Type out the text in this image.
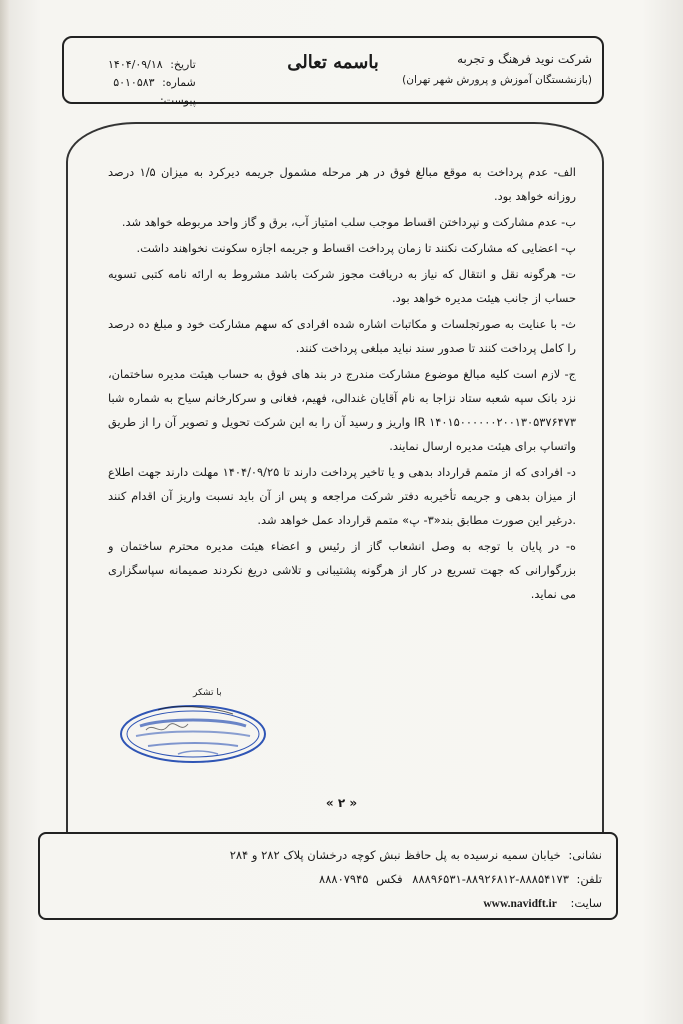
شرکت نوید فرهنگ و تجربه
(بازنشستگان آموزش و پرورش شهر تهران)
باسمه تعالی
تاریخ: ۱۴۰۴/۰۹/۱۸
شماره: ۵۰۱۰۵۸۳
پیوست:

الف- عدم پرداخت به موقع مبالغ فوق در هر مرحله مشمول جریمه دیرکرد به میزان ۱/۵ درصد روزانه خواهد بود.

ب- عدم مشارکت و نپرداختن اقساط موجب سلب امتیاز آب، برق و گاز واحد مربوطه خواهد شد.

پ- اعضایی که مشارکت نکنند تا زمان پرداخت اقساط و جریمه اجازه سکونت نخواهند داشت.

ت- هرگونه نقل و انتقال که نیاز به دریافت مجوز شرکت باشد مشروط به ارائه نامه کتبی تسویه حساب از جانب هیئت مدیره خواهد بود.

ث- با عنایت به صورتجلسات و مکاتبات اشاره شده افرادی که سهم مشارکت خود و مبلغ ده درصد را کامل پرداخت کنند تا صدور سند نباید مبلغی پرداخت کنند.

ج- لازم است کلیه مبالغ موضوع مشارکت مندرج در بند های فوق به حساب هیئت مدیره ساختمان، نزد بانک سپه شعبه ستاد نزاجا به نام آقایان غندالی، فهیم، فغانی و سرکارخانم سیاح به شماره شبا IR ۱۴۰۱۵۰۰۰۰۰۰۲۰۰۱۳۰۵۳۷۶۴۷۳ واریز و رسید آن را به این شرکت تحویل و تصویر آن را از طریق واتساپ برای هیئت مدیره ارسال نمایند.

د- افرادی که از متمم قرارداد بدهی و یا تاخیر پرداخت دارند تا ۱۴۰۴/۰۹/۲۵ مهلت دارند جهت اطلاع از میزان بدهی و جریمه تأخیربه دفتر شرکت مراجعه و پس از آن باید نسبت واریز آن اقدام کنند .درغیر این صورت مطابق بند«۳- پ» متمم قرارداد عمل خواهد شد.

ه- در پایان با توجه به وصل انشعاب گاز از رئیس و اعضاء هیئت مدیره محترم ساختمان و بزرگوارانی که جهت تسریع در کار از هرگونه پشتیبانی و تلاشی دریغ نکردند صمیمانه سپاسگزاری می نماید.

با تشکر
« ۲ »
نشانی: خیابان سمیه نرسیده به پل حافظ نبش کوچه درخشان پلاک ۲۸۲ و ۲۸۴
تلفن: ۸۸۸۵۴۱۷۳-۸۸۹۲۶۸۱۲-۸۸۸۹۶۵۳۱ فکس ۸۸۸۰۷۹۴۵
سایت: www.navidft.ir
